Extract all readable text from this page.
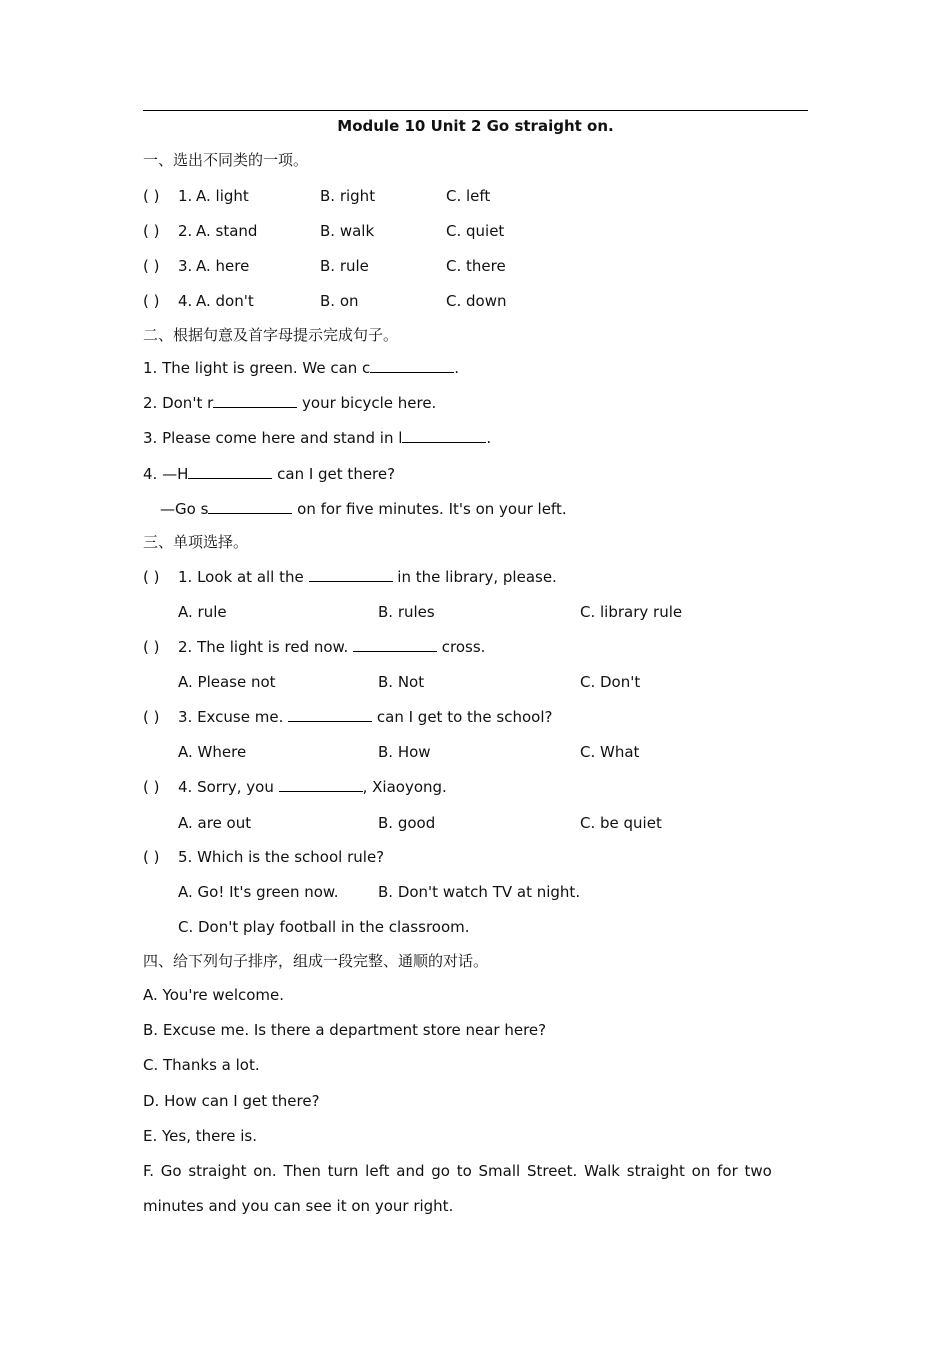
Module 10 Unit 2 Go straight on.
一、选出不同类的一项。
( ) 1. A. light	B. right	C. left
( ) 2. A. stand	B. walk	C. quiet
( ) 3. A. here	B. rule	C. there
( ) 4. A. don't	B. on	C. down
二、根据句意及首字母提示完成句子。
1. The light is green. We can c	.
2. Don't r	your bicycle here.
3. Please come here and stand in l	.
4. —H	can I get there?
—Go s	on for five minutes. It's on your left.
三、单项选择。
( ) 1. Look at all the	in the library, please.
A. rule	B. rules	C. library rule
( ) 2. The light is red now.	cross.
A. Please not	B. Not	C. Don't
( ) 3. Excuse me.	can I get to the school?
A. Where	B. How	C. What
( ) 4. Sorry, you	, Xiaoyong.
A. are out	B. good	C. be quiet
( ) 5. Which is the school rule?
A. Go! It's green now.	B. Don't watch TV at night.
C. Don't play football in the classroom.
四、给下列句子排序，组成一段完整、通顺的对话。
A. You're welcome.
B. Excuse me. Is there a department store near here?
C. Thanks a lot.
D. How can I get there?
E. Yes, there is.
F. Go straight on. Then turn left and go to Small Street. Walk straight on for two
minutes and you can see it on your right.
